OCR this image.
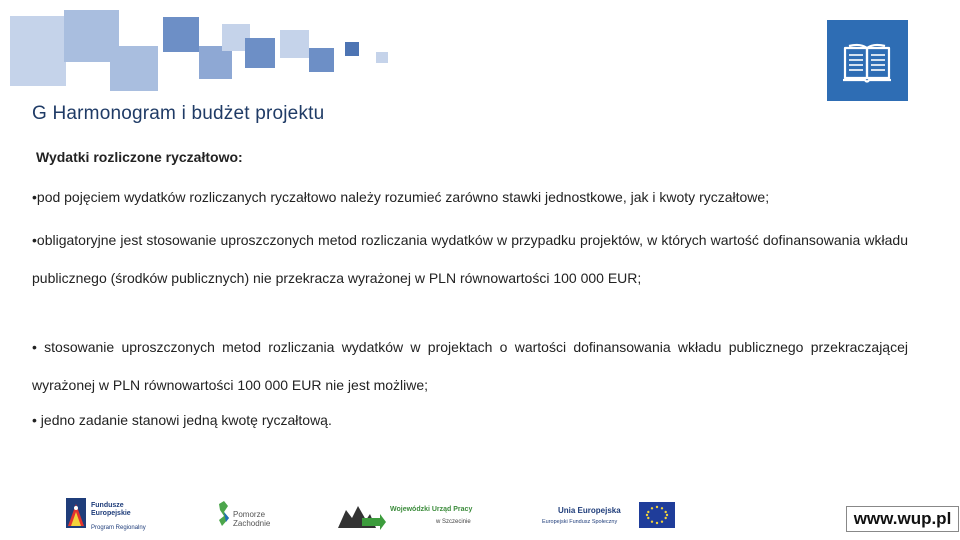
G Harmonogram i budżet projektu
Wydatki rozliczone ryczałtowo:
•pod pojęciem wydatków rozliczanych ryczałtowo należy rozumieć zarówno stawki jednostkowe, jak i kwoty ryczałtowe;
•obligatoryjne jest stosowanie uproszczonych metod rozliczania wydatków w przypadku projektów, w których wartość dofinansowania wkładu publicznego (środków publicznych) nie przekracza wyrażonej w PLN równowartości 100 000 EUR;
• stosowanie uproszczonych metod rozliczania wydatków w projektach o wartości dofinansowania wkładu publicznego przekraczającej wyrażonej w PLN równowartości 100 000 EUR nie jest możliwe;
• jedno zadanie stanowi jedną kwotę ryczałtową.
Fundusze Europejskie
Program Regionalny
Pomorze Zachodnie
Wojewódzki Urząd Pracy
w Szczecinie
Unia Europejska
Europejski Fundusz Społeczny	www.wup.pl
